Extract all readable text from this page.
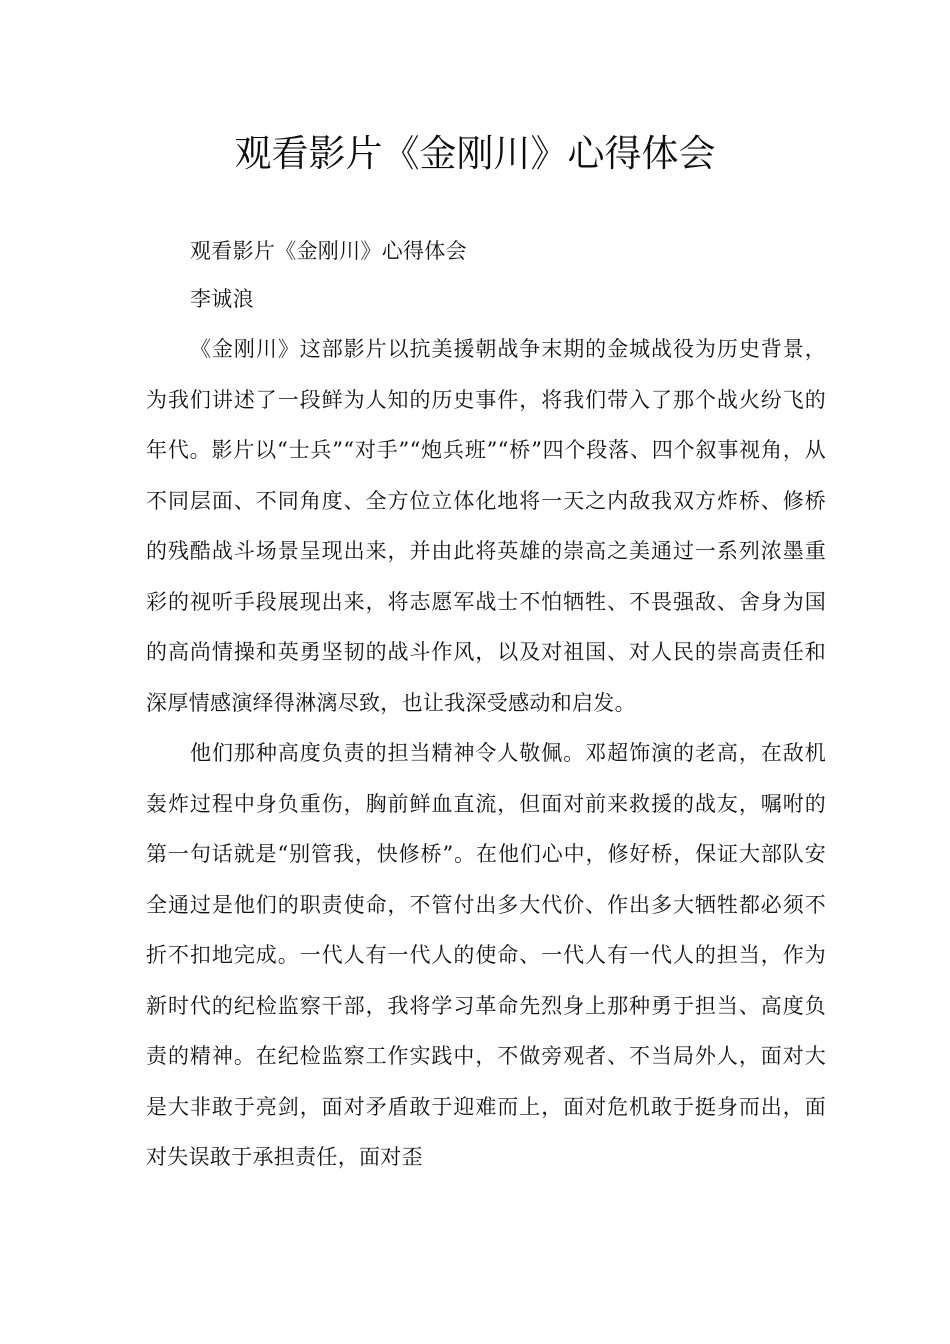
观看影片《金刚川》心得体会

观看影片《金刚川》心得体会

李诚浪

《金刚川》这部影片以抗美援朝战争末期的金城战役为历史背景，为我们讲述了一段鲜为人知的历史事件，将我们带入了那个战火纷飞的年代。影片以“士兵”“对手”“炮兵班”“桥”四个段落、四个叙事视角，从不同层面、不同角度、全方位立体化地将一天之内敌我双方炸桥、修桥的残酷战斗场景呈现出来，并由此将英雄的崇高之美通过一系列浓墨重彩的视听手段展现出来，将志愿军战士不怕牺牲、不畏强敌、舍身为国的高尚情操和英勇坚韧的战斗作风，以及对祖国、对人民的崇高责任和深厚情感演绎得淋漓尽致，也让我深受感动和启发。

他们那种高度负责的担当精神令人敬佩。邓超饰演的老高，在敌机轰炸过程中身负重伤，胸前鲜血直流，但面对前来救援的战友，嘱咐的第一句话就是“别管我，快修桥”。在他们心中，修好桥，保证大部队安全通过是他们的职责使命，不管付出多大代价、作出多大牺牲都必须不折不扣地完成。一代人有一代人的使命、一代人有一代人的担当，作为新时代的纪检监察干部，我将学习革命先烈身上那种勇于担当、高度负责的精神。在纪检监察工作实践中，不做旁观者、不当局外人，面对大是大非敢于亮剑，面对矛盾敢于迎难而上，面对危机敢于挺身而出，面对失误敢于承担责任，面对歪
